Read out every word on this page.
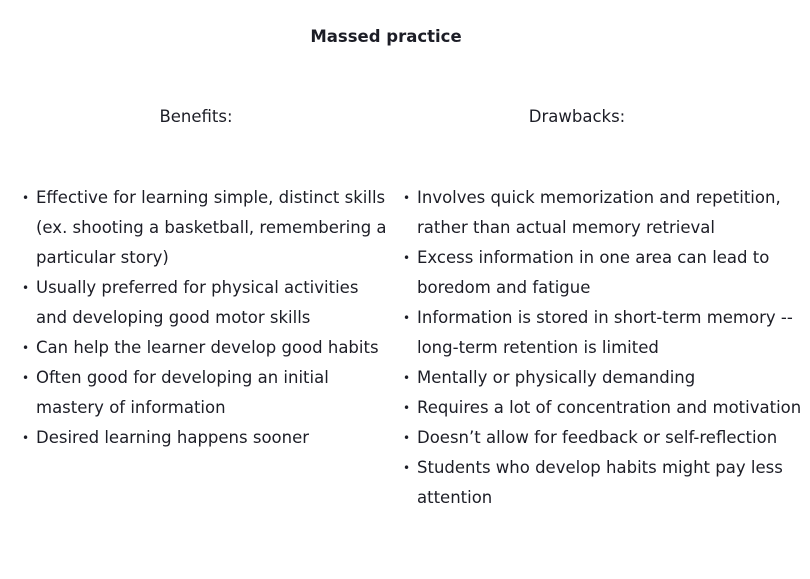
Massed practice
Benefits:	Drawbacks:
• Effective for learning simple, distinct skills (ex. shooting a basketball, remembering a particular story)
• Usually preferred for physical activities and developing good motor skills
• Can help the learner develop good habits
• Often good for developing an initial mastery of information
• Desired learning happens sooner
• Involves quick memorization and repetition, rather than actual memory retrieval
• Excess information in one area can lead to boredom and fatigue
• Information is stored in short-term memory -- long-term retention is limited
• Mentally or physically demanding
• Requires a lot of concentration and motivation
• Doesn’t allow for feedback or self-reflection
• Students who develop habits might pay less attention
